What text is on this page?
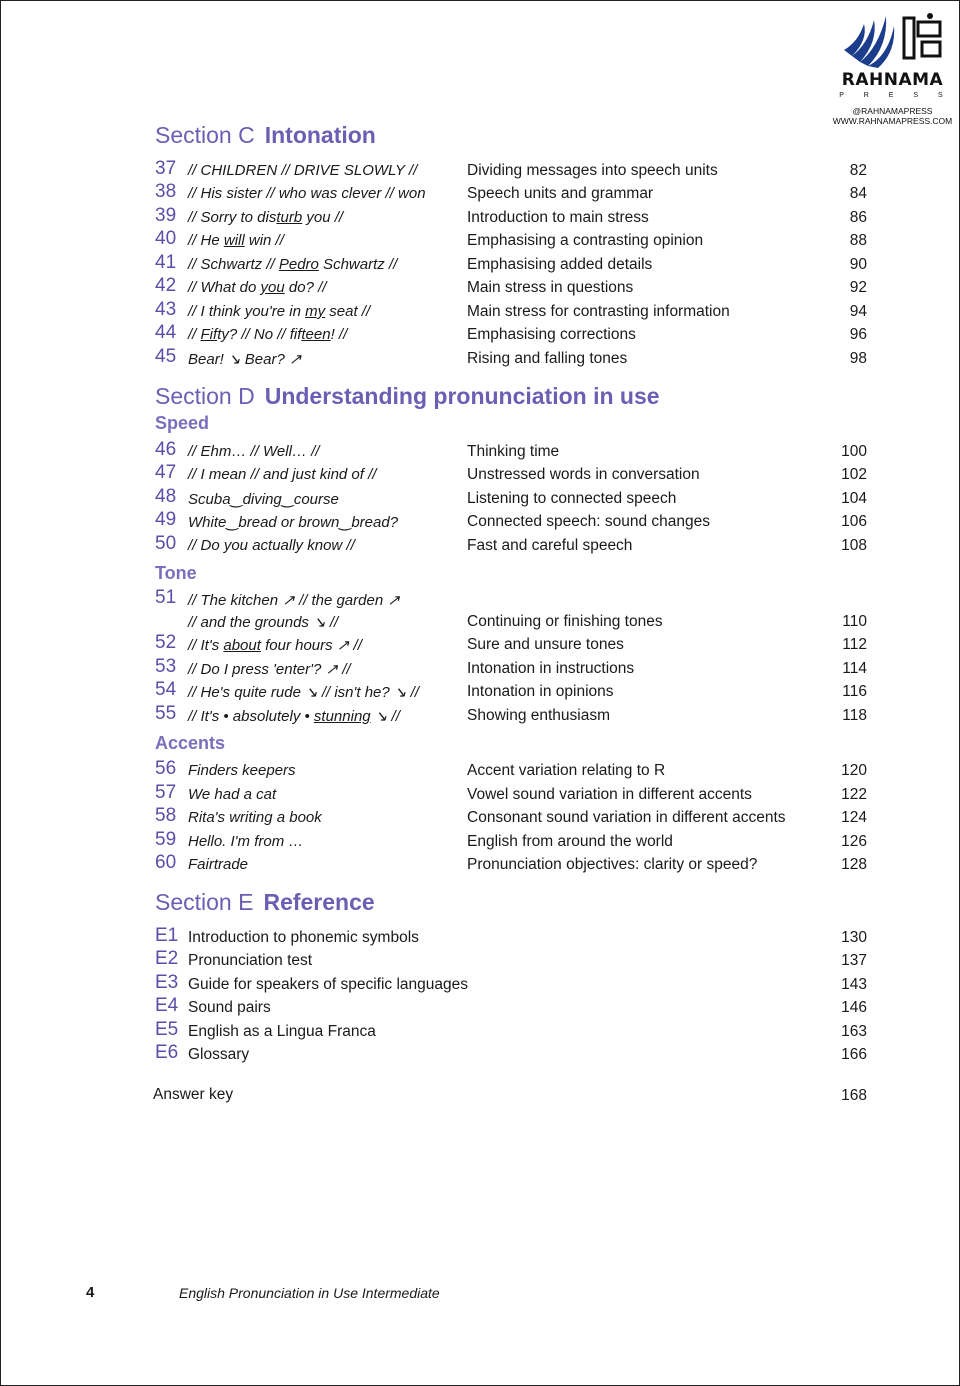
RAHNAMA
P R E S S
@RAHNAMAPRESS
WWW.RAHNAMAPRESS.COM
Section C Intonation
37 // CHILDREN // DRIVE SLOWLY //	Dividing messages into speech units	82
38 // His sister // who was clever // won	Speech units and grammar	84
39 // Sorry to disturb you //	Introduction to main stress	86
40 // He will win //	Emphasising a contrasting opinion	88
41 // Schwartz // Pedro Schwartz //	Emphasising added details	90
42 // What do you do? //	Main stress in questions	92
43 // I think you're in my seat //	Main stress for contrasting information	94
44 // Fifty? // No // fifteen! //	Emphasising corrections	96
45 Bear! ↘ Bear? ↗	Rising and falling tones	98
Section D Understanding pronunciation in use
Speed
46 // Ehm… // Well… //	Thinking time	100
47 // I mean // and just kind of //	Unstressed words in conversation	102
48 Scuba‿diving‿course	Listening to connected speech	104
49 White‿bread or brown‿bread?	Connected speech: sound changes	106
50 // Do you actually know //	Fast and careful speech	108
Tone
51 // The kitchen ↗ // the garden ↗
// and the grounds ↘ //	Continuing or finishing tones	110
52 // It's about four hours ↗ //	Sure and unsure tones	112
53 // Do I press 'enter'? ↗ //	Intonation in instructions	114
54 // He's quite rude ↘ // isn't he? ↘ //	Intonation in opinions	116
55 // It's • absolutely • stunning ↘ //	Showing enthusiasm	118
Accents
56 Finders keepers	Accent variation relating to R	120
57 We had a cat	Vowel sound variation in different accents	122
58 Rita's writing a book	Consonant sound variation in different accents	124
59 Hello. I'm from …	English from around the world	126
60 Fairtrade	Pronunciation objectives: clarity or speed?	128
Section E Reference
E1 Introduction to phonemic symbols	130
E2 Pronunciation test	137
E3 Guide for speakers of specific languages	143
E4 Sound pairs	146
E5 English as a Lingua Franca	163
E6 Glossary	166
Answer key	168
4	English Pronunciation in Use Intermediate
